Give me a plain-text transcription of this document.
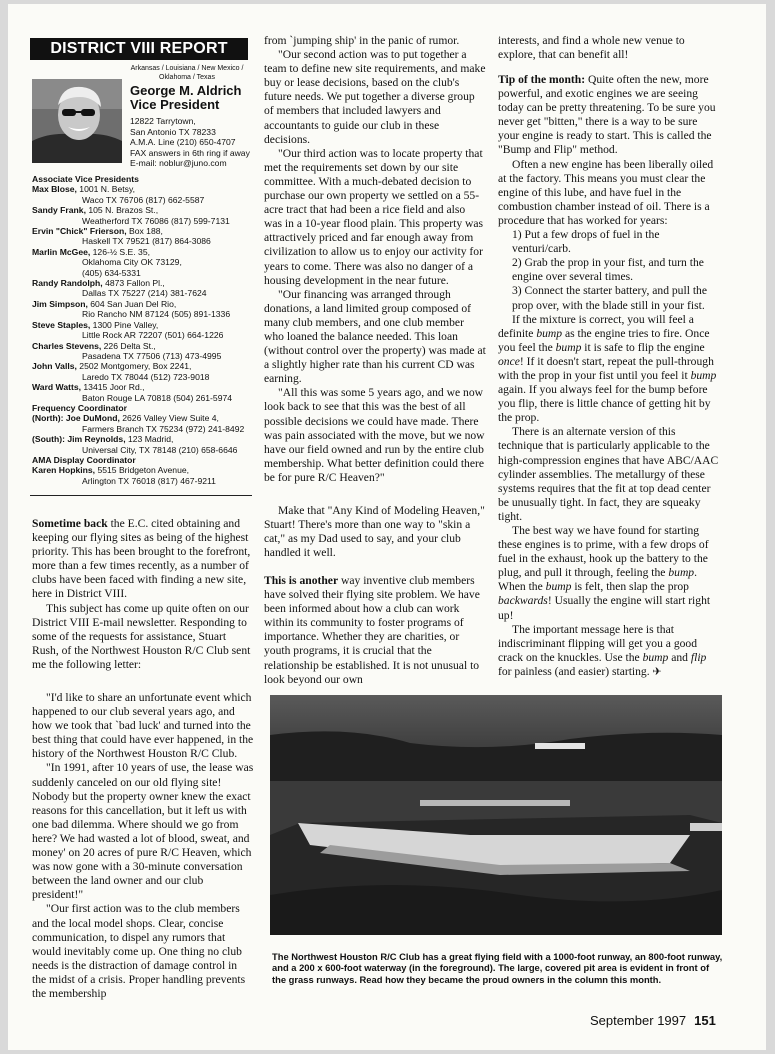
DISTRICT VIII REPORT
Arkansas / Louisiana / New Mexico /
Oklahoma / Texas
George M. Aldrich
Vice President
12822 Tarrytown,
San Antonio TX 78233
A.M.A. Line (210) 650-4707
FAX answers in 6th ring if away
E-mail: noblur@juno.com
Associate Vice Presidents
Max Blose, 1001 N. Betsy,
Waco TX 76706 (817) 662-5587
Sandy Frank, 105 N. Brazos St.,
Weatherford TX 76086 (817) 599-7131
Ervin "Chick" Frierson, Box 188,
Haskell TX 79521 (817) 864-3086
Marlin McGee, 126-½ S.E. 35,
Oklahoma City OK 73129,
(405) 634-5331
Randy Randolph, 4873 Fallon Pl.,
Dallas TX 75227 (214) 381-7624
Jim Simpson, 604 San Juan Del Rio,
Rio Rancho NM 87124 (505) 891-1336
Steve Staples, 1300 Pine Valley,
Little Rock AR 72207 (501) 664-1226
Charles Stevens, 226 Delta St.,
Pasadena TX 77506 (713) 473-4995
John Valls, 2502 Montgomery, Box 2241,
Laredo TX 78044 (512) 723-9018
Ward Watts, 13415 Joor Rd.,
Baton Rouge LA 70818 (504) 261-5974
Frequency Coordinator
(North): Joe DuMond, 2626 Valley View Suite 4,
Farmers Branch TX 75234 (972) 241-8492
(South): Jim Reynolds, 123 Madrid,
Universal City, TX 78148 (210) 658-6646
AMA Display Coordinator
Karen Hopkins, 5515 Bridgeton Avenue,
Arlington TX 76018 (817) 467-9211

Sometime back the E.C. cited obtaining and keeping our flying sites as being of the highest priority. This has been brought to the forefront, more than a few times recently, as a number of clubs have been faced with finding a new site, here in District VIII.

This subject has come up quite often on our District VIII E-mail newsletter. Responding to some of the requests for assistance, Stuart Rush, of the Northwest Houston R/C Club sent me the following letter:

"I'd like to share an unfortunate event which happened to our club several years ago, and how we took that `bad luck' and turned into the best thing that could have ever happened, in the history of the Northwest Houston R/C Club.

"In 1991, after 10 years of use, the lease was suddenly canceled on our old flying site! Nobody but the property owner knew the exact reasons for this cancellation, but it left us with one bad dilemma. Where should we go from here? We had wasted a lot of blood, sweat, and money' on 20 acres of pure R/C Heaven, which was now gone with a 30-minute conversation between the land owner and our club president!"

"Our first action was to the club members and the local model shops. Clear, concise communication, to dispel any rumors that would inevitably come up. One thing no club needs is the distraction of damage control in the midst of a crisis. Proper handling prevents the membership

from `jumping ship' in the panic of rumor.

"Our second action was to put together a team to define new site requirements, and make buy or lease decisions, based on the club's future needs. We put together a diverse group of members that included lawyers and accountants to guide our club in these decisions.

"Our third action was to locate property that met the requirements set down by our site committee. With a much-debated decision to purchase our own property we settled on a 55-acre tract that had been a rice field and also was in a 10-year flood plain. This property was attractively priced and far enough away from civilization to allow us to enjoy our activity for years to come. There was also no danger of a housing development in the near future.

"Our financing was arranged through donations, a land limited group composed of many club members, and one club member who loaned the balance needed. This loan (without control over the property) was made at a slightly higher rate than his current CD was earning.

"All this was some 5 years ago, and we now look back to see that this was the best of all possible decisions we could have made. There was pain associated with the move, but we now have our field owned and run by the entire club membership. What better definition could there be for pure R/C Heaven?"

Make that "Any Kind of Modeling Heaven," Stuart! There's more than one way to "skin a cat," as my Dad used to say, and your club handled it well.

This is another way inventive club members have solved their flying site problem. We have been informed about how a club can work within its community to foster programs of importance. Whether they are charities, or youth programs, it is crucial that the relationship be established. It is not unusual to look beyond our own

interests, and find a whole new venue to explore, that can benefit all!

Tip of the month: Quite often the new, more powerful, and exotic engines we are seeing today can be pretty threatening. To be sure you never get "bitten," there is a way to be sure your engine is ready to start. This is called the "Bump and Flip" method.

Often a new engine has been liberally oiled at the factory. This means you must clear the engine of this lube, and have fuel in the combustion chamber instead of oil. There is a procedure that has worked for years:

1) Put a few drops of fuel in the venturi/carb.

2) Grab the prop in your fist, and turn the engine over several times.

3) Connect the starter battery, and pull the prop over, with the blade still in your fist.

If the mixture is correct, you will feel a definite bump as the engine tries to fire. Once you feel the bump it is safe to flip the engine once! If it doesn't start, repeat the pull-through with the prop in your fist until you feel it bump again. If you always feel for the bump before you flip, there is little chance of getting hit by the prop.

There is an alternate version of this technique that is particularly applicable to the high-compression engines that have ABC/AAC cylinder assemblies. The metallurgy of these systems requires that the fit at top dead center be unusually tight. In fact, they are squeaky tight.

The best way we have found for starting these engines is to prime, with a few drops of fuel in the exhaust, hook up the battery to the plug, and pull it through, feeling the bump. When the bump is felt, then slap the prop backwards! Usually the engine will start right up!

The important message here is that indiscriminant flipping will get you a good crack on the knuckles. Use the bump and flip for painless (and easier) starting. ✈

The Northwest Houston R/C Club has a great flying field with a 1000-foot runway, an 800-foot runway, and a 200 x 600-foot waterway (in the foreground). The large, covered pit area is evident in front of the grass runways. Read how they became the proud owners in the column this month.
September 1997 151
